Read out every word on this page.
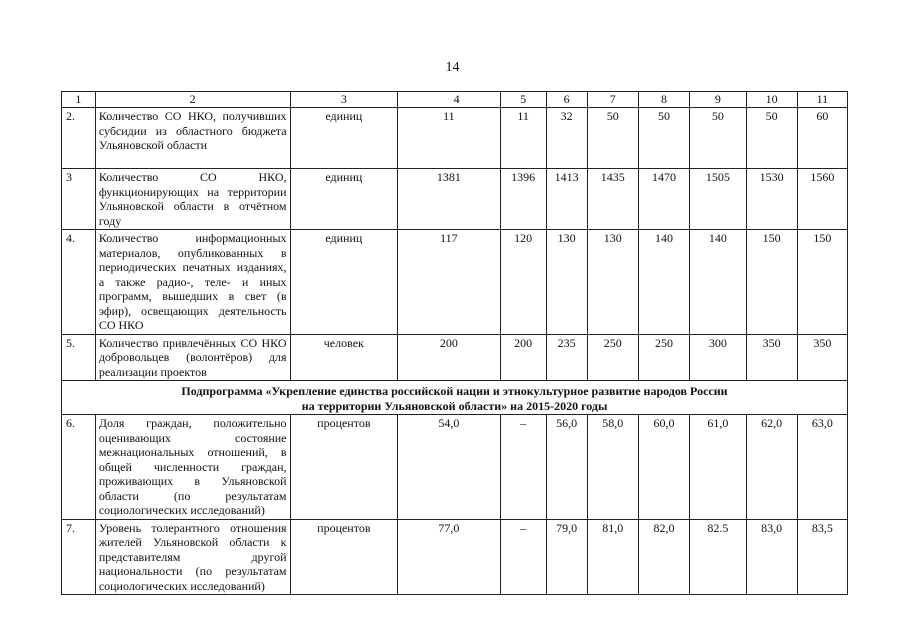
14
1	2	3	4	5	6	7	8	9	10	11
2.	Количество СО НКО, получивших субсидии из областного бюджета Ульяновской области	единиц	11	11	32	50	50	50	50	60
3	Количество СО НКО, функционирующих на территории Ульяновской области в отчётном году	единиц	1381	1396	1413	1435	1470	1505	1530	1560
4.	Количество информационных материалов, опубликованных в периодических печатных изданиях, а также радио-, теле- и иных программ, вышедших в свет (в эфир), освещающих деятельность СО НКО	единиц	117	120	130	130	140	140	150	150
5.	Количество привлечённых СО НКО добровольцев (волонтёров) для реализации проектов	человек	200	200	235	250	250	300	350	350

Подпрограмма «Укрепление единства российской нации и этнокультурное развитие народов России
на территории Ульяновской области» на 2015-2020 годы										

6.	Доля граждан, положительно оценивающих состояние межнациональных отношений, в общей численности граждан, проживающих в Ульяновской области (по результатам социологических исследований)	процентов	54,0	–	56,0	58,0	60,0	61,0	62,0	63,0
7.	Уровень толерантного отношения жителей Ульяновской области к представителям другой национальности (по результатам социологических исследований)	процентов	77,0	–	79,0	81,0	82,0	82.5	83,0	83,5
